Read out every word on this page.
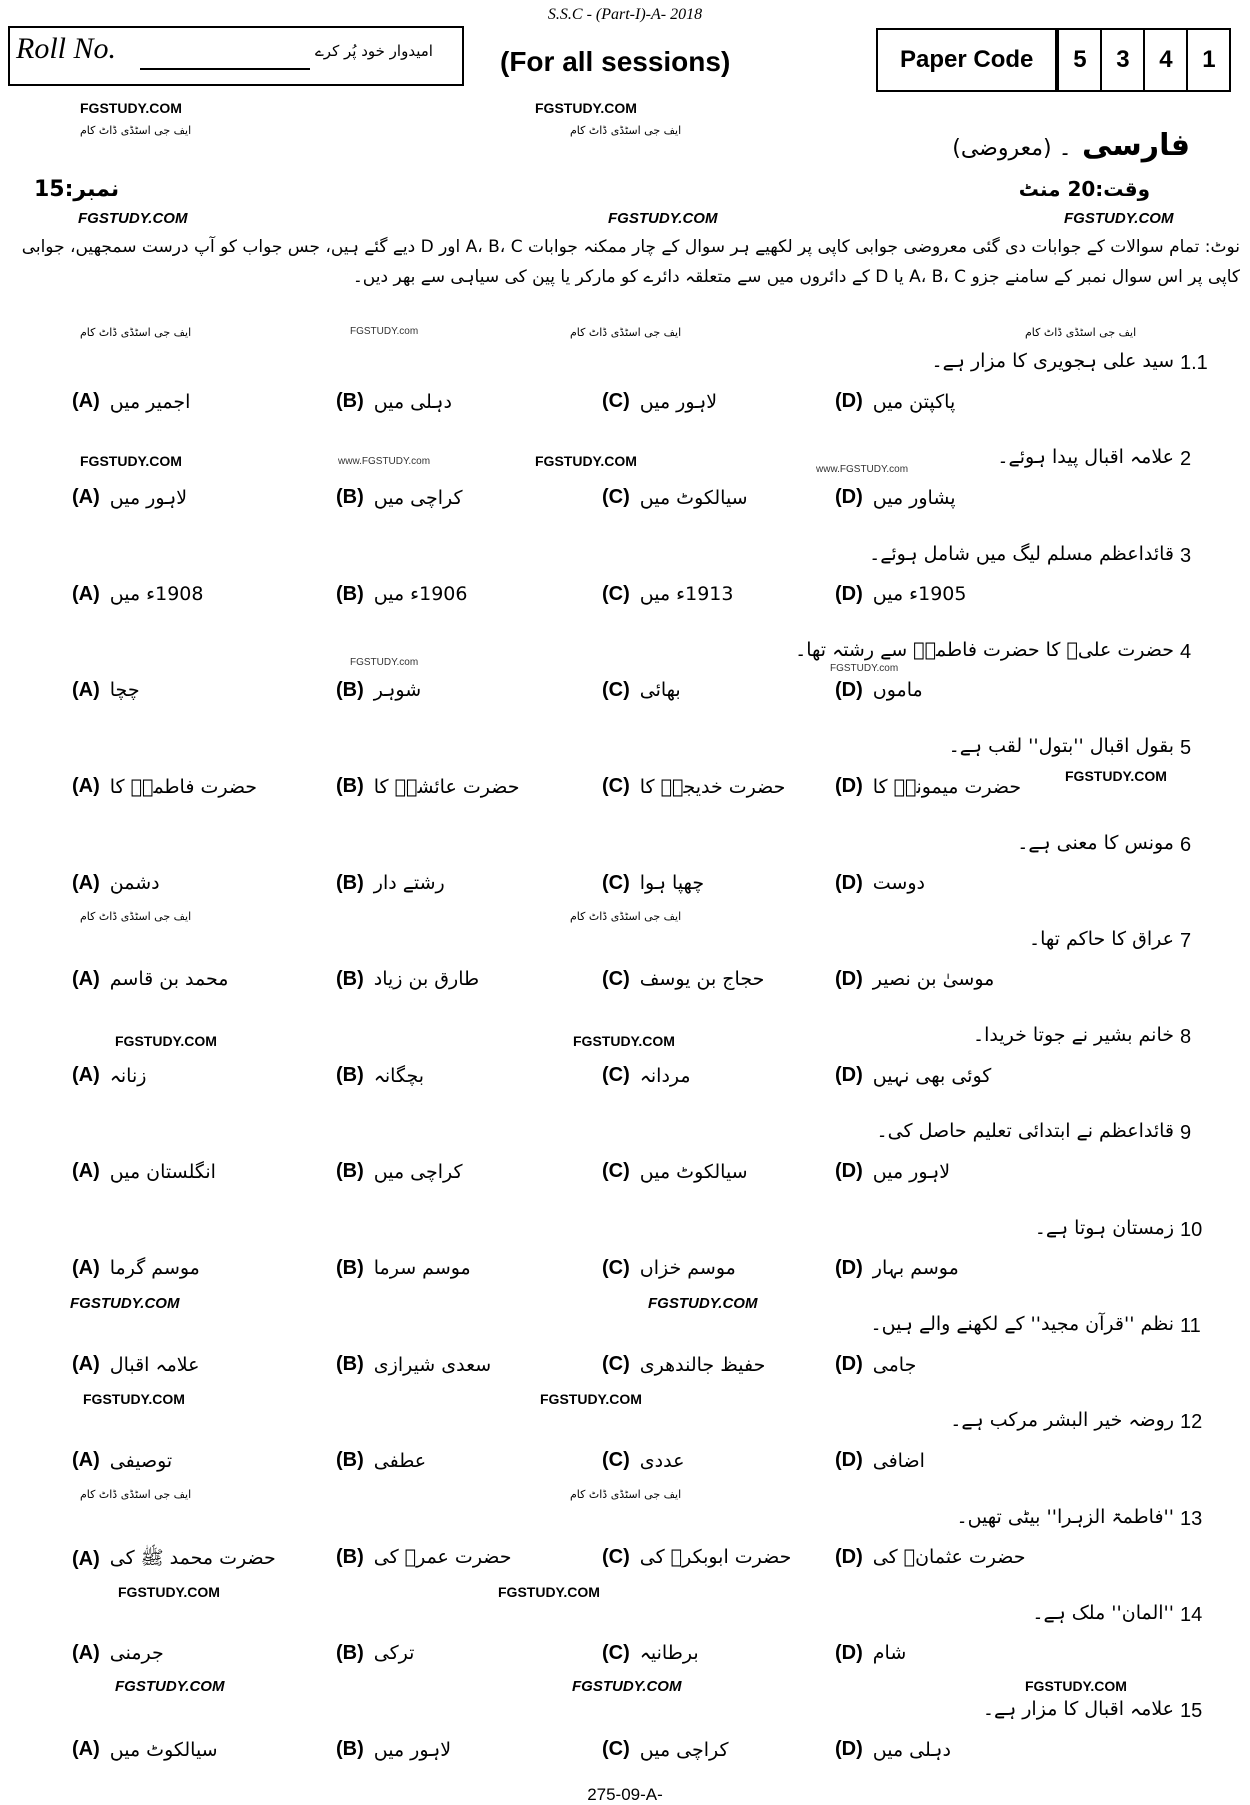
S.S.C - (Part-I)-A- 2018
Roll No.	امیدوار خود پُر کرے (For all sessions)	Paper Code	5	3	4	1
FGSTUDY.COM	FGSTUDY.COM
ایف جی اسٹڈی ڈاٹ کام	ایف جی اسٹڈی ڈاٹ کام
FGSTUDY.COM	FGSTUDY.COM	FGSTUDY.COM
FGSTUDY.com
ایف جی اسٹڈی ڈاٹ کام	ایف جی اسٹڈی ڈاٹ کام	ایف جی اسٹڈی ڈاٹ کام
FGSTUDY.COM	www.FGSTUDY.com	FGSTUDY.COM
www.FGSTUDY.com
FGSTUDY.com
FGSTUDY.com
FGSTUDY.COM
ایف جی اسٹڈی ڈاٹ کام	ایف جی اسٹڈی ڈاٹ کام
FGSTUDY.COM	FGSTUDY.COM
FGSTUDY.COM	FGSTUDY.COM
FGSTUDY.COM	FGSTUDY.COM
ایف جی اسٹڈی ڈاٹ کام	ایف جی اسٹڈی ڈاٹ کام
FGSTUDY.COM	FGSTUDY.COM
FGSTUDY.COM	FGSTUDY.COM	FGSTUDY.COM
فارسی ۔ (معروضی)
نمبر:15	وقت:20 منٹ
نوٹ: تمام سوالات کے جوابات دی گئی معروضی جوابی کاپی پر لکھیے ہر سوال کے چار ممکنہ جوابات A، B، C اور D دیے گئے ہیں، جس جواب کو آپ درست سمجھیں، جوابی کاپی پر اس سوال نمبر کے سامنے جزو A، B، C یا D کے دائروں میں سے متعلقہ دائرے کو مارکر یا پین کی سیاہی سے بھر دیں۔
1.1
سید علی ہجویری کا مزار ہے۔
(A) اجمیر میں	(B) دہلی میں	(C) لاہور میں	(D) پاکپتن میں
2
علامہ اقبال پیدا ہوئے۔
(A) لاہور میں	(B) کراچی میں	(C) سیالکوٹ میں	(D) پشاور میں
3
قائداعظم مسلم لیگ میں شامل ہوئے۔
(A) 1908ء میں	(B) 1906ء میں	(C) 1913ء میں	(D) 1905ء میں
4
حضرت علیؓ کا حضرت فاطمہؓ سے رشتہ تھا۔
(A) چچا	(B) شوہر	(C) بھائی	(D) ماموں
5
بقول اقبال ''بتول'' لقب ہے۔
(A) حضرت فاطمہؓ کا	(B) حضرت عائشہؓ کا	(C) حضرت خدیجہؓ کا (D) حضرت میمونہؓ کا
6
مونس کا معنی ہے۔
(A) دشمن	(B) رشتے دار	(C) چھپا ہوا	(D) دوست
7
عراق کا حاکم تھا۔
(A) محمد بن قاسم	(B) طارق بن زیاد	(C) حجاج بن یوسف	(D) موسیٰ بن نصیر
8
خانم بشیر نے جوتا خریدا۔
(A) زنانہ	(B) بچگانہ	(C) مردانہ	(D) کوئی بھی نہیں
9
قائداعظم نے ابتدائی تعلیم حاصل کی۔
(A) انگلستان میں	(B) کراچی میں	(C) سیالکوٹ میں	(D) لاہور میں
10
زمستان ہوتا ہے۔
(A) موسم گرما	(B) موسم سرما	(C) موسم خزاں	(D) موسم بہار
11
نظم ''قرآن مجید'' کے لکھنے والے ہیں۔
(A) علامہ اقبال	(B) سعدی شیرازی	(C) حفیظ جالندھری	(D) جامی
12
روضہ خیر البشر مرکب ہے۔
(A) توصیفی	(B) عطفی	(C) عددی	(D) اضافی
13
''فاطمۃ الزہرا'' بیٹی تھیں۔
(A) حضرت محمد ﷺ کی	(B) حضرت عمرؓ کی	(C) حضرت ابوبکرؓ کی (D) حضرت عثمانؓ کی
14
''المان'' ملک ہے۔
(A) جرمنی	(B) ترکی	(C) برطانیہ	(D) شام
15
علامہ اقبال کا مزار ہے۔
(A) سیالکوٹ میں	(B) لاہور میں	(C) کراچی میں	(D) دہلی میں
275-09-A-
